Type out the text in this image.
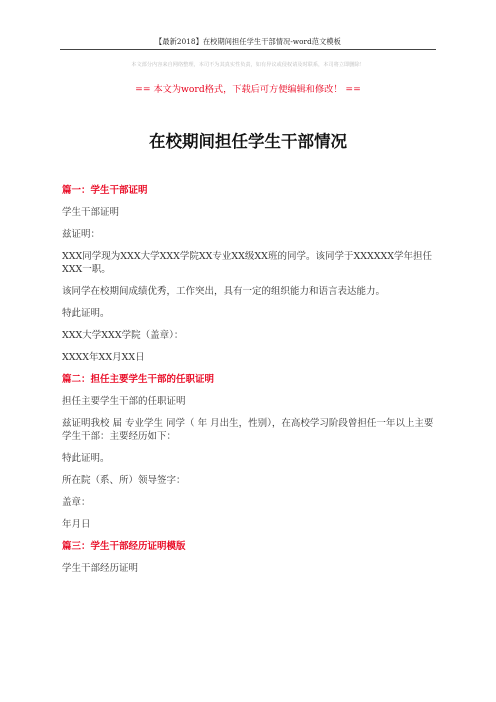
【最新2018】在校期间担任学生干部情况-word范文模板
本文部分内容来自网络整理，本司不为其真实性负责，如有异议或侵权请及时联系，本司将立即删除！
== 本文为word格式，下载后可方便编辑和修改！ ==
在校期间担任学生干部情况
篇一：学生干部证明

学生干部证明

兹证明：

XXX同学现为XXX大学XXX学院XX专业XX级XX班的同学。该同学于XXXXXX学年担任XXX一职。

该同学在校期间成绩优秀，工作突出，具有一定的组织能力和语言表达能力。

特此证明。

XXX大学XXX学院（盖章）：

XXXX年XX月XX日

篇二：担任主要学生干部的任职证明

担任主要学生干部的任职证明

兹证明我校 届 专业学生 同学（ 年 月出生，性别），在高校学习阶段曾担任一年以上主要学生干部：主要经历如下：

特此证明。

所在院（系、所）领导签字：

盖章：

年月日

篇三：学生干部经历证明模版

学生干部经历证明
